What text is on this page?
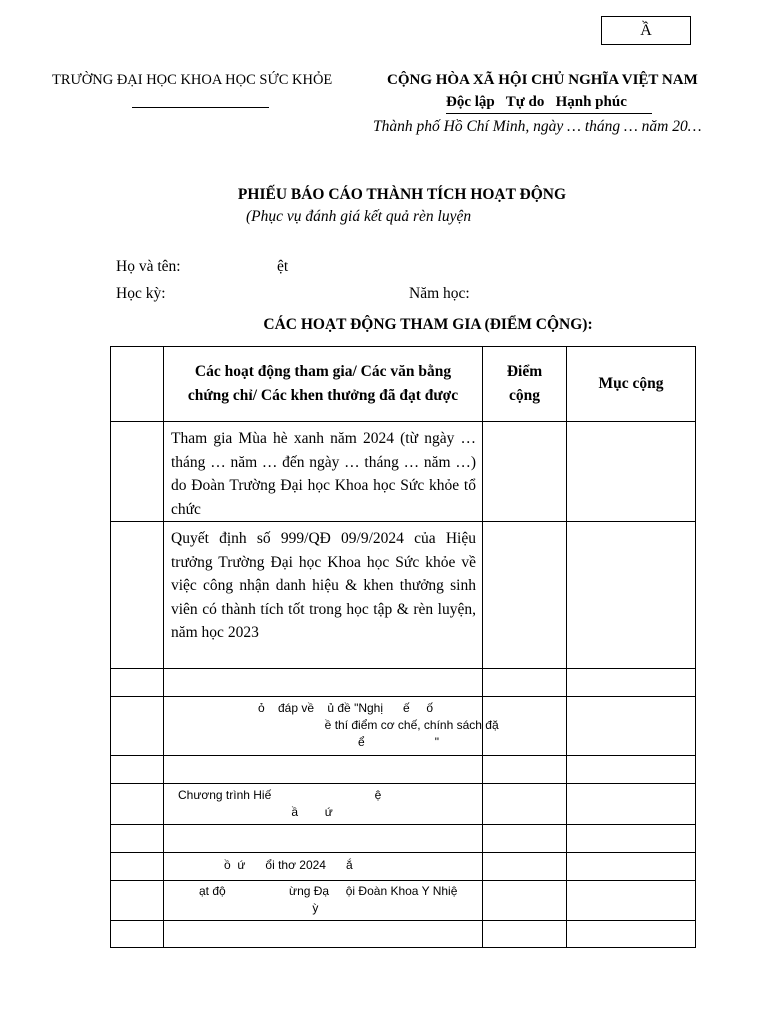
Ầ
TRƯỜNG ĐẠI HỌC KHOA HỌC SỨC KHỎE	CỘNG HÒA XÃ HỘI CHỦ NGHĨA VIỆT NAM
Độc lập   Tự do   Hạnh phúc
Thành phố Hồ Chí Minh, ngày … tháng … năm 20…
PHIẾU BÁO CÁO THÀNH TÍCH HOẠT ĐỘNG
(Phục vụ đánh giá kết quả rèn luyện
Họ và tên:	ệt
Học kỳ:	Năm học:
CÁC HOẠT ĐỘNG THAM GIA (ĐIỂM CỘNG):
	Các hoạt động tham gia/ Các văn bằng chứng chỉ/ Các khen thưởng đã đạt được	Điểm cộng	Mục cộng
	Tham gia Mùa hè xanh năm 2024 (từ ngày … tháng … năm … đến ngày … tháng … năm …) do Đoàn Trường Đại học Khoa học Sức khỏe tổ chức		
	Quyết định số 999/QĐ 09/9/2024 của Hiệu trưởng Trường Đại học Khoa học Sức khỏe về việc công nhận danh hiệu & khen thưởng sinh viên có thành tích tốt trong học tập & rèn luyện, năm học 2023		

	ỏ    đáp về    ủ đề "Nghị      ế     ố
ề thí điểm cơ chế, chính sách đặ
ể                     "		

	Chương trình Hiế                               ệ
ầ        ứ		

	ồ  ứ      ổi thơ 2024      ắ		
	ạt độ                   ừng Đạ     ội Đoàn Khoa Y Nhiệ
ỳ		
